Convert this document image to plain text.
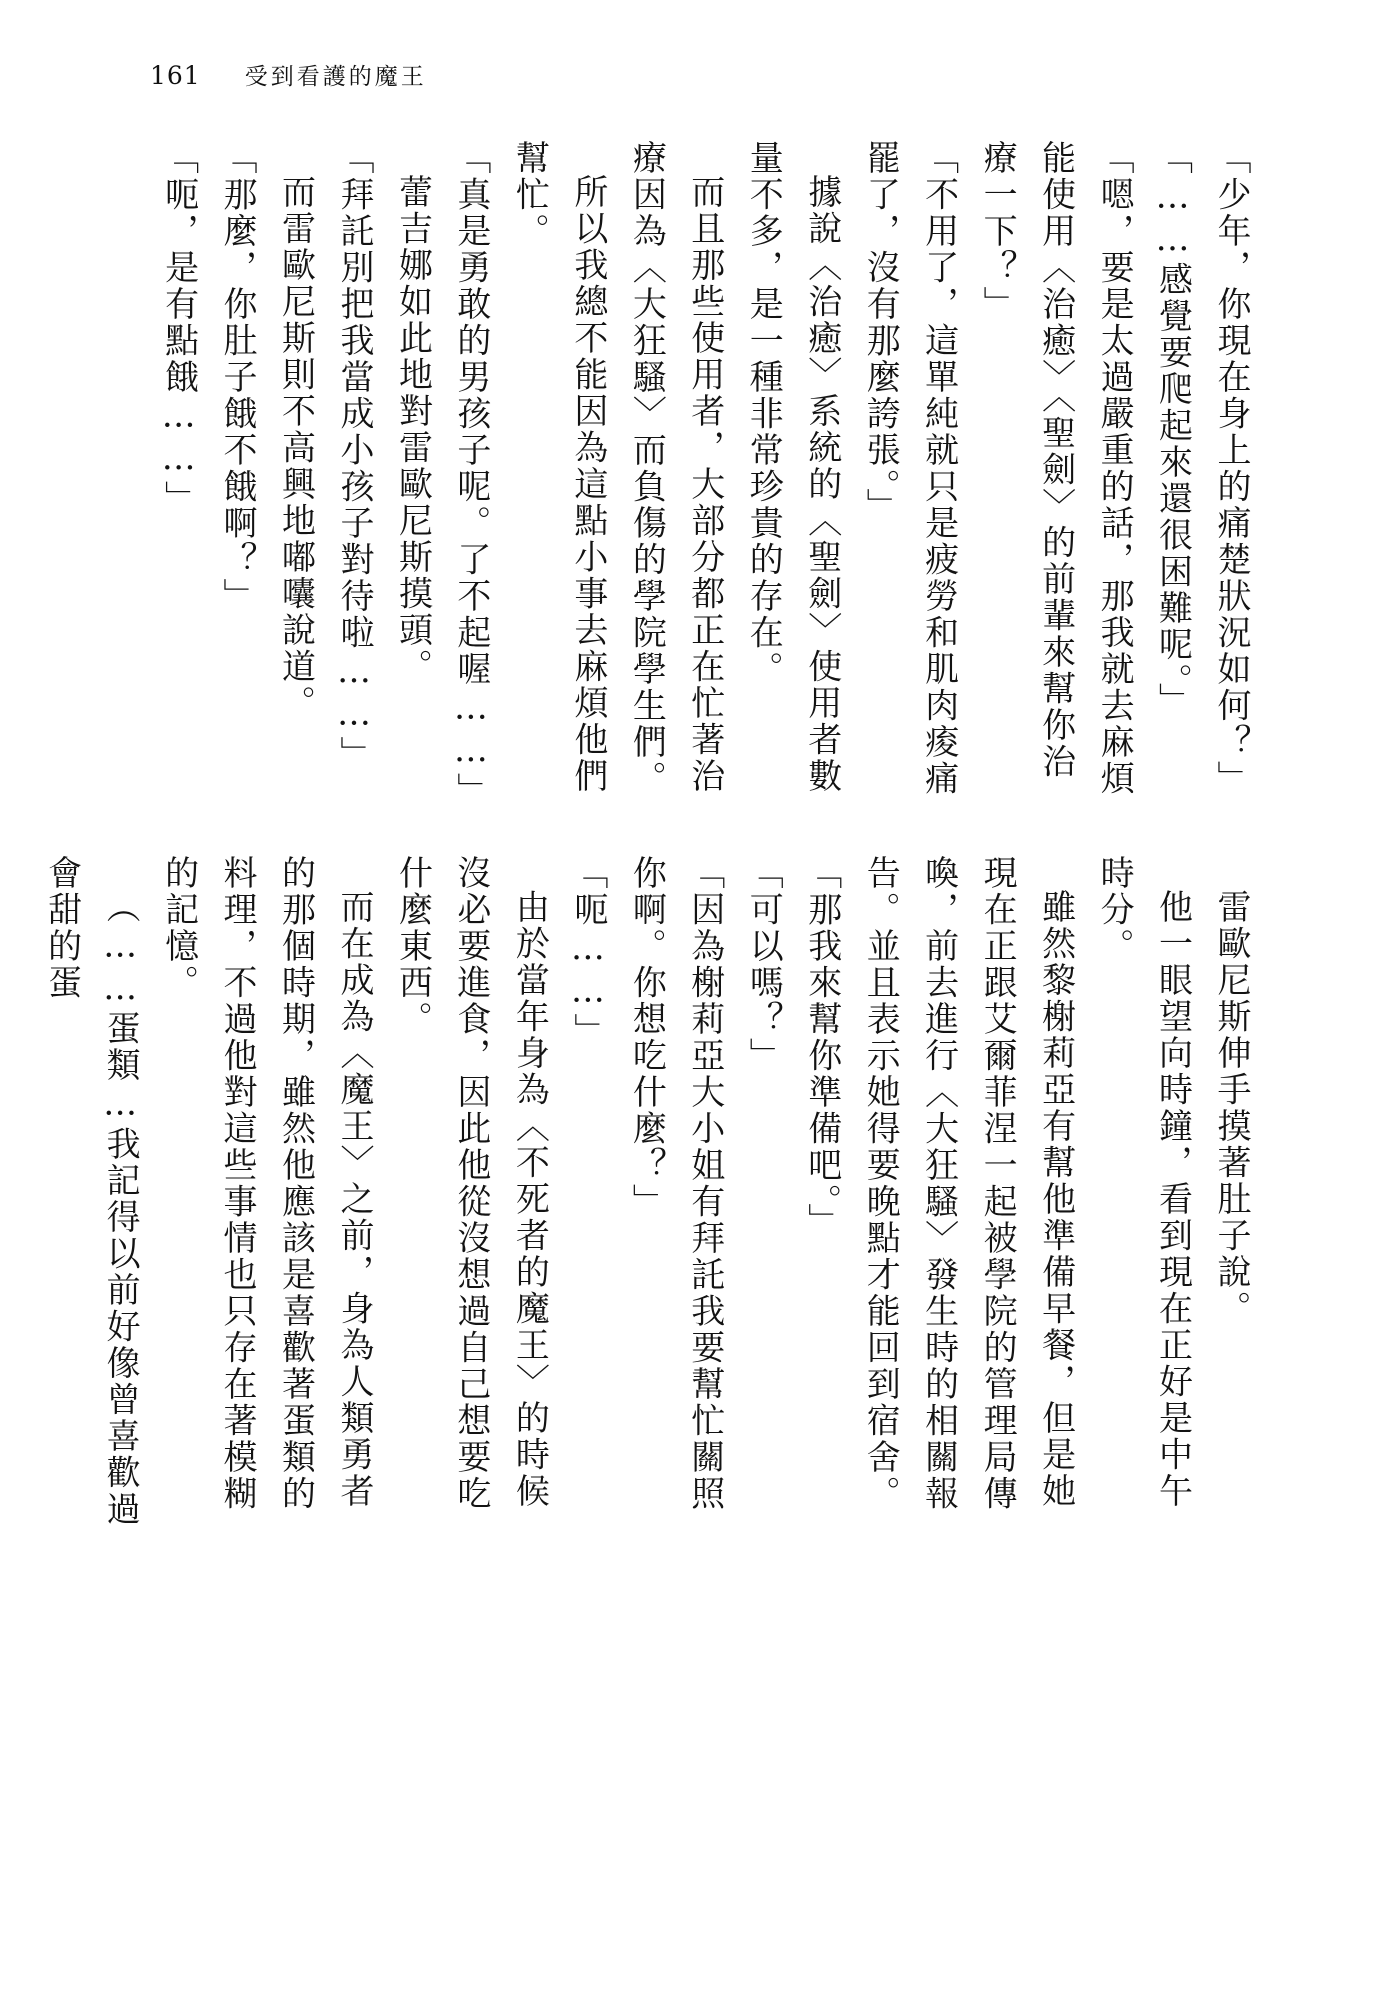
161 受到看護的魔王

「少年，你現在身上的痛楚狀況如何？」

「……感覺要爬起來還很困難呢。」

「嗯，要是太過嚴重的話，那我就去麻煩能使用〈治癒〉〈聖劍〉的前輩來幫你治療一下？」

「不用了，這單純就只是疲勞和肌肉痠痛罷了，沒有那麼誇張。」

據說〈治癒〉系統的〈聖劍〉使用者數量不多，是一種非常珍貴的存在。

而且那些使用者，大部分都正在忙著治療因為〈大狂騷〉而負傷的學院學生們。

所以我總不能因為這點小事去麻煩他們幫忙。

「真是勇敢的男孩子呢。了不起喔……」

蕾吉娜如此地對雷歐尼斯摸頭。

「拜託別把我當成小孩子對待啦……」

而雷歐尼斯則不高興地嘟囔說道。

「那麼，你肚子餓不餓啊？」

「呃，是有點餓……」

雷歐尼斯伸手摸著肚子說。

他一眼望向時鐘，看到現在正好是中午時分。

雖然黎榭莉亞有幫他準備早餐，但是她現在正跟艾爾菲涅一起被學院的管理局傳喚，前去進行〈大狂騷〉發生時的相關報告。並且表示她得要晚點才能回到宿舍。

「那我來幫你準備吧。」

「可以嗎？」

「因為榭莉亞大小姐有拜託我要幫忙關照你啊。你想吃什麼？」

「呃……」

由於當年身為〈不死者的魔王〉的時候沒必要進食，因此他從沒想過自己想要吃什麼東西。

而在成為〈魔王〉之前，身為人類勇者的那個時期，雖然他應該是喜歡著蛋類的料理，不過他對這些事情也只存在著模糊的記憶。

（……蛋類…我記得以前好像曾喜歡過會甜的蛋
